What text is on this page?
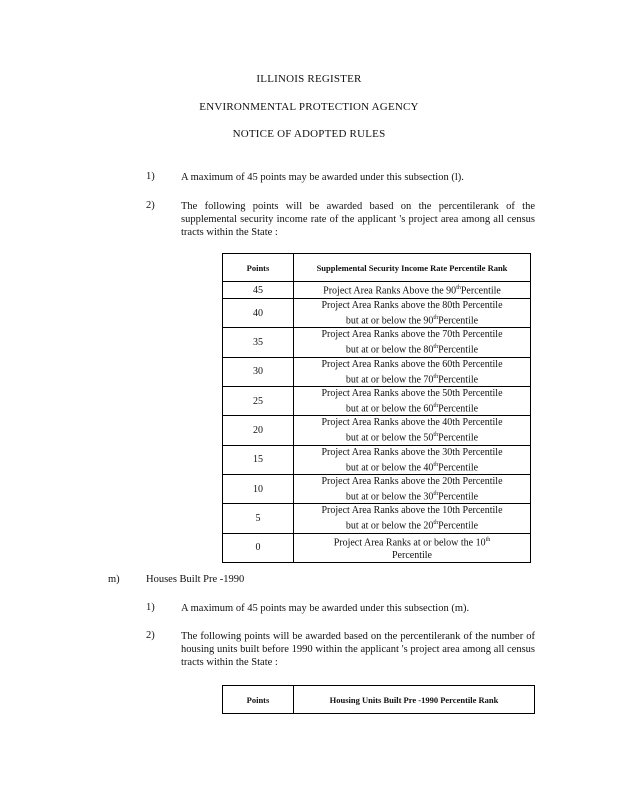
ILLINOIS REGISTER
ENVIRONMENTAL PROTECTION AGENCY
NOTICE OF ADOPTED RULES
1)	A maximum of 45 points may be awarded under this subsection (l).
2)	The following points will be awarded based on the percentilerank of the supplemental security income rate of the applicant 's project area among all census tracts within the State :
Points	Supplemental Security Income Rate Percentile Rank
45	Project Area Ranks Above the 90thPercentile

40	Project Area Ranks above the 80th Percentile
but at or below the 90thPercentile

35	Project Area Ranks above the 70th Percentile
but at or below the 80thPercentile

30	Project Area Ranks above the 60th Percentile
but at or below the 70thPercentile

25	Project Area Ranks above the 50th Percentile
but at or below the 60thPercentile

20	Project Area Ranks above the 40th Percentile
but at or below the 50thPercentile

15	Project Area Ranks above the 30th Percentile
but at or below the 40thPercentile

10	Project Area Ranks above the 20th Percentile
but at or below the 30thPercentile

5	Project Area Ranks above the 10th Percentile
but at or below the 20thPercentile

0	Project Area Ranks at or below the 10th
Percentile
m)	Houses Built Pre -1990
1)	A maximum of 45 points may be awarded under this subsection (m).
2)	The following points will be awarded based on the percentilerank of the number of housing units built before 1990 within the applicant 's project area among all census tracts within the State :
Points	Housing Units Built Pre -1990 Percentile Rank
